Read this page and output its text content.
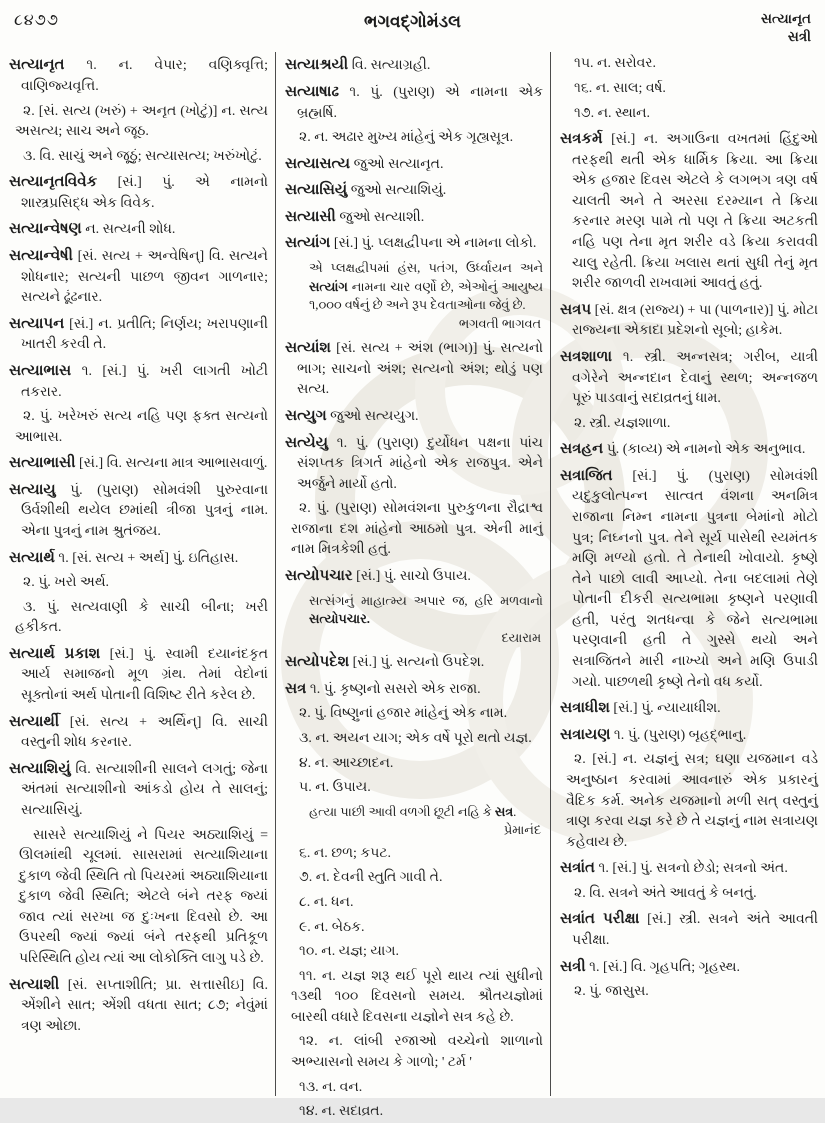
૮૪૭૭	ભગવદ્ગોમંડલ	સત્યાનૃત
સત્રી

સત્યાનૃત ૧. ન. વેપાર; વણિક્વૃત્તિ; વાણિજ્યવૃત્તિ.

૨. [સં. સત્ય (ખરું) + અનૃત (ખોટું)] ન. સત્ય અસત્ય; સાચ અને જૂઠ.

૩. વિ. સાચું અને જૂઠું; સત્યાસત્ય; ખરુંખોટું.

સત્યાનૃતવિવેક [સં.] પું. એ નામનો શાસ્ત્રપ્રસિદ્ધ એક વિવેક.

સત્યાન્વેષણ ન. સત્યની શોધ.

સત્યાન્વેષી [સં. સત્ય + અન્વેષિન્] વિ. સત્યને શોધનાર; સત્યની પાછળ જીવન ગાળનાર; સત્યને ઢૂંઢનાર.

સત્યાપન [સં.] ન. પ્રતીતિ; નિર્ણય; ખરાપણાની ખાતરી કરવી તે.

સત્યાભાસ ૧. [સં.] પું. ખરી લાગતી ખોટી તકરાર.

૨. પું. ખરેખરું સત્ય નહિ પણ ફક્ત સત્યનો આભાસ.

સત્યાભાસી [સં.] વિ. સત્યના માત્ર આભાસવાળું.

સત્યાયુ પું. (પુરાણ) સોમવંશી પુરુરવાના ઉર્વશીથી થયેલ છમાંથી ત્રીજા પુત્રનું નામ. એના પુત્રનું નામ શ્રુતંજય.

સત્યાર્થ ૧. [સં. સત્ય + અર્થ] પું. ઇતિહાસ.

૨. પું. ખરો અર્થ.

૩. પું. સત્યવાણી કે સાચી બીના; ખરી હકીકત.

સત્યાર્થ પ્રકાશ [સં.] પું. સ્વામી દયાનંદકૃત આર્ય સમાજનો મૂળ ગ્રંથ. તેમાં વેદોનાં સૂક્તોનાં અર્થ પોતાની વિશિષ્ટ રીતે કરેલ છે.

સત્યાર્થી [સં. સત્ય + અર્થિન્] વિ. સાચી વસ્તુની શોધ કરનાર.

સત્યાશિયું વિ. સત્યાશીની સાલને લગતું; જેના અંતમાં સત્યાશીનો આંકડો હોય તે સાલનું; સત્યાસિયું.

સાસરે સત્યાશિયું ને પિયર અઠ્યાશિયું = ઊલમાંથી ચૂલમાં. સાસરામાં સત્યાશિયાના દુકાળ જેવી સ્થિતિ તો પિયરમાં અઠ્યાશિયાના દુકાળ જેવી સ્થિતિ; એટલે બંને તરફ જ્યાં જાવ ત્યાં સરખા જ દુઃખના દિવસો છે. આ ઉપરથી જ્યાં જ્યાં બંને તરફથી પ્રતિકૂળ પરિસ્થિતિ હોય ત્યાં આ લોકોક્તિ લાગુ પડે છે.

સત્યાશી [સં. સપ્તાશીતિ; પ્રા. સત્તાસીઇ] વિ. એંશીને સાત; એંશી વધતા સાત; ૮૭; નેવુંમાં ત્રણ ઓછા.

સત્યાશ્રયી વિ. સત્યાગ્રહી.

સત્યાષાઢ ૧. પું. (પુરાણ) એ નામના એક બ્રહ્મર્ષિ.

૨. ન. અઢાર મુખ્ય માંહેનું એક ગૃહ્યસૂત્ર.

સત્યાસત્ય જુઓ સત્યાનૃત.

સત્યાસિયું જુઓ સત્યાશિયું.

સત્યાસી જુઓ સત્યાશી.

સત્યાંગ [સં.] પું. પ્લક્ષદ્વીપના એ નામના લોકો.

એ પ્લક્ષદ્વીપમાં હંસ, પતંગ, ઉર્ધ્વાયન અને સત્યાંગ નામના ચાર વર્ણો છે, એઓનું આયુષ્ય ૧,૦૦૦ વર્ષનું છે અને રૂપ દેવતાઓના જેવું છે.
ભગવતી ભાગવત

સત્યાંશ [સં. સત્ય + અંશ (ભાગ)] પું. સત્યનો ભાગ; સાચનો અંશ; સત્યનો અંશ; થોડું પણ સત્ય.

સત્યુગ જુઓ સત્યયુગ.

સત્યેયુ ૧. પું. (પુરાણ) દુર્યોધન પક્ષના પાંચ સંશપ્તક ત્રિગર્ત માંહેનો એક રાજપુત્ર. એને અર્જુને માર્યો હતો.

૨. પું. (પુરાણ) સોમવંશના પુરુકુળના રૌદ્રાશ્વ રાજાના દશ માંહેનો આઠમો પુત્ર. એની માનું નામ મિત્રકેશી હતું.

સત્યોપચાર [સં.] પું. સાચો ઉપાય.

સત્સંગનું માહાત્મ્ય અપાર જ, હરિ મળવાનો સત્યોપચાર.
દયારામ

સત્યોપદેશ [સં.] પું. સત્યનો ઉપદેશ.

સત્ર ૧. પું. કૃષ્ણનો સસરો એક રાજા.

૨. પું. વિષ્ણુનાં હજાર માંહેનું એક નામ.

૩. ન. અયન યાગ; એક વર્ષે પૂરો થતો યજ્ઞ.

૪. ન. આચ્છાદન.

૫. ન. ઉપાય.

હત્યા પાછી આવી વળગી છૂટી નહિ કે સત્ર.
પ્રેમાનંદ

૬. ન. છળ; કપટ.

૭. ન. દેવની સ્તુતિ ગાવી તે.

૮. ન. ધન.

૯. ન. બેઠક.

૧૦. ન. યજ્ઞ; યાગ.

૧૧. ન. યજ્ઞ શરૂ થઈ પૂરો થાય ત્યાં સુધીનો ૧૩થી ૧૦૦ દિવસનો સમય. શ્રૌતયજ્ઞોમાં બારથી વધારે દિવસના યજ્ઞોને સત્ર કહે છે.

૧૨. ન. લાંબી રજાઓ વચ્ચેનો શાળાનો અભ્યાસનો સમય કે ગાળો; ' ટર્મ '

૧૩. ન. વન.

૧૪. ન. સદાવ્રત.

૧૫. ન. સરોવર.

૧૬. ન. સાલ; વર્ષ.

૧૭. ન. સ્થાન.

સત્રકર્મ [સં.] ન. અગાઉના વખતમાં હિંદુઓ તરફથી થતી એક ધાર્મિક ક્રિયા. આ ક્રિયા એક હજાર દિવસ એટલે કે લગભગ ત્રણ વર્ષ ચાલતી અને તે અરસા દરમ્યાન તે ક્રિયા કરનાર મરણ પામે તો પણ તે ક્રિયા અટકતી નહિ પણ તેના મૃત શરીર વડે ક્રિયા કરાવવી ચાલુ રહેતી. ક્રિયા ખલાસ થતાં સુધી તેનું મૃત શરીર જાળવી રાખવામાં આવતું હતું.

સત્રપ [સં. ક્ષત્ર (રાજ્ય) + પા (પાળનાર)] પું. મોટા રાજ્યના એકાદા પ્રદેશનો સૂબો; હાકેમ.

સત્રશાળા ૧. સ્ત્રી. અન્નસત્ર; ગરીબ, યાત્રી વગેરેને અન્નદાન દેવાનું સ્થળ; અન્નજળ પૂરું પાડવાનું સદાવ્રતનું ધામ.

૨. સ્ત્રી. યજ્ઞશાળા.

સત્રહન પું. (કાવ્ય) એ નામનો એક અનુભાવ.

સત્રાજિત [સં.] પું. (પુરાણ) સોમવંશી યદુકુલોત્પન્ન સાત્વત વંશના અનમિત્ર રાજાના નિમ્ન નામના પુત્રના બેમાંનો મોટો પુત્ર; નિઘ્નનો પુત્ર. તેને સૂર્ય પાસેથી સ્યમંતક મણિ મળ્યો હતો. તે તેનાથી ખોવાયો. કૃષ્ણે તેને પાછો લાવી આપ્યો. તેના બદલામાં તેણે પોતાની દીકરી સત્યભામા કૃષ્ણને પરણાવી હતી, પરંતુ શતધન્વા કે જેને સત્યભામા પરણવાની હતી તે ગુસ્સે થયો અને સત્રાજિતને મારી નાખ્યો અને મણિ ઉપાડી ગયો. પાછળથી કૃષ્ણે તેનો વધ કર્યો.

સત્રાધીશ [સં.] પું. ન્યાયાધીશ.

સત્રાયણ ૧. પું. (પુરાણ) બૃહદ્ભાનુ.

૨. [સં.] ન. યજ્ઞનું સત્ર; ઘણા યજમાન વડે અનુષ્ઠાન કરવામાં આવનારું એક પ્રકારનું વૈદિક કર્મ. અનેક યજમાનો મળી સત્ વસ્તુનું ત્રાણ કરવા યજ્ઞ કરે છે તે યજ્ઞનું નામ સત્રાયણ કહેવાય છે.

સત્રાંત ૧. [સં.] પું. સત્રનો છેડો; સત્રનો અંત.

૨. વિ. સત્રને અંતે આવતું કે બનતું.

સત્રાંત પરીક્ષા [સં.] સ્ત્રી. સત્રને અંતે આવતી પરીક્ષા.

સત્રી ૧. [સં.] વિ. ગૃહપતિ; ગૃહસ્થ.

૨. પું. જાસુસ.
